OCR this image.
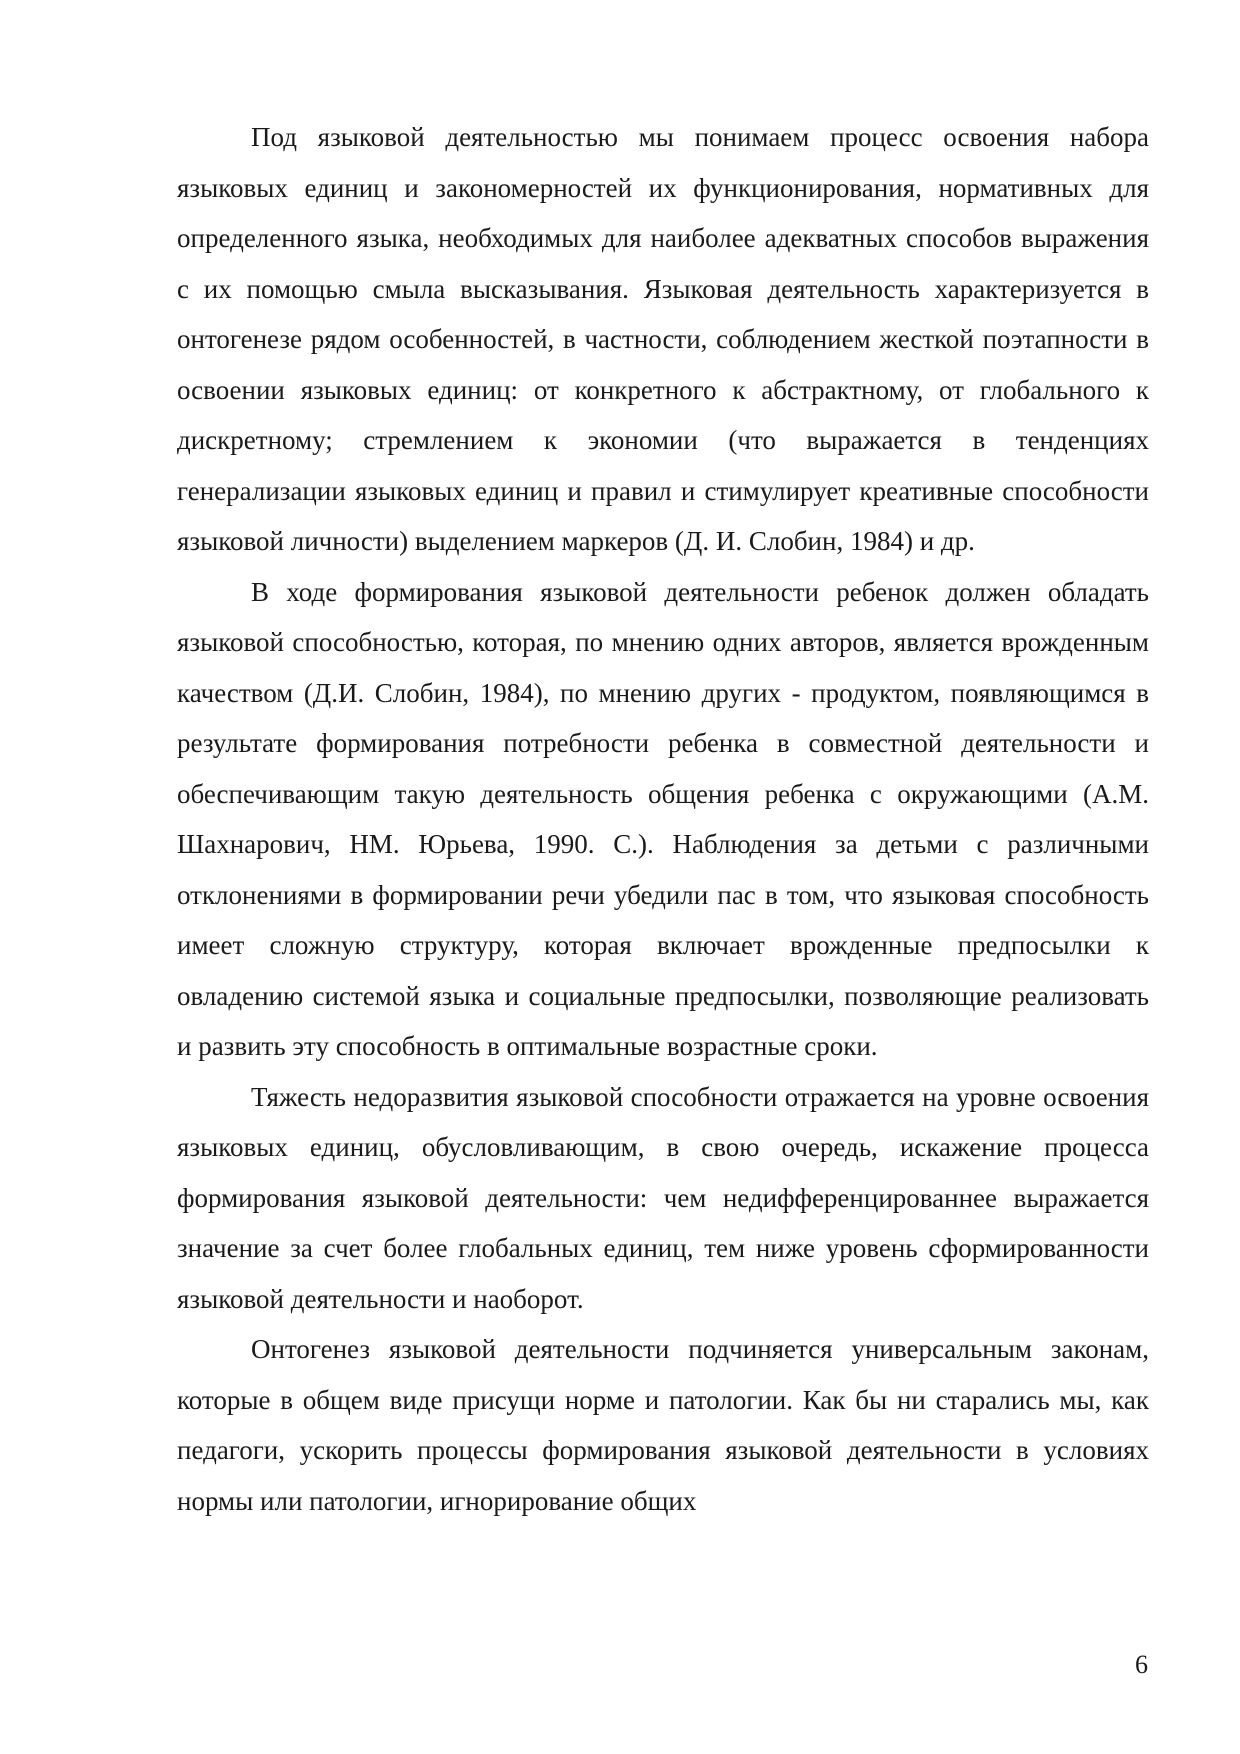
Под языковой деятельностью мы понимаем процесс освоения набора языковых единиц и закономерностей их функционирования, нормативных для определенного языка, необходимых для наиболее адекватных способов выражения с их помощью смыла высказывания. Языковая деятельность характеризуется в онтогенезе рядом особенностей, в частности, соблюдением жесткой поэтапности в освоении языковых единиц: от конкретного к абстрактному, от глобального к дискретному; стремлением к экономии (что выражается в тенденциях генерализации языковых единиц и правил и стимулирует креативные способности языковой личности) выделением маркеров (Д. И. Слобин, 1984) и др.

В ходе формирования языковой деятельности ребенок должен обладать языковой способностью, которая, по мнению одних авторов, является врожденным качеством (Д.И. Слобин, 1984), по мнению других - продуктом, появляющимся в результате формирования потребности ребенка в совместной деятельности и обеспечивающим такую деятельность общения ребенка с окружающими (А.М. Шахнарович, НМ. Юрьева, 1990. С.). Наблюдения за детьми с различными отклонениями в формировании речи убедили пас в том, что языковая способность имеет сложную структуру, которая включает врожденные предпосылки к овладению системой языка и социальные предпосылки, позволяющие реализовать и развить эту способность в оптимальные возрастные сроки.

Тяжесть недоразвития языковой способности отражается на уровне освоения языковых единиц, обусловливающим, в свою очередь, искажение процесса формирования языковой деятельности: чем недифференцированнее выражается значение за счет более глобальных единиц, тем ниже уровень сформированности языковой деятельности и наоборот.

Онтогенез языковой деятельности подчиняется универсальным законам, которые в общем виде присущи норме и патологии. Как бы ни старались мы, как педагоги, ускорить процессы формирования языковой деятельности в условиях нормы или патологии, игнорирование общих

6
